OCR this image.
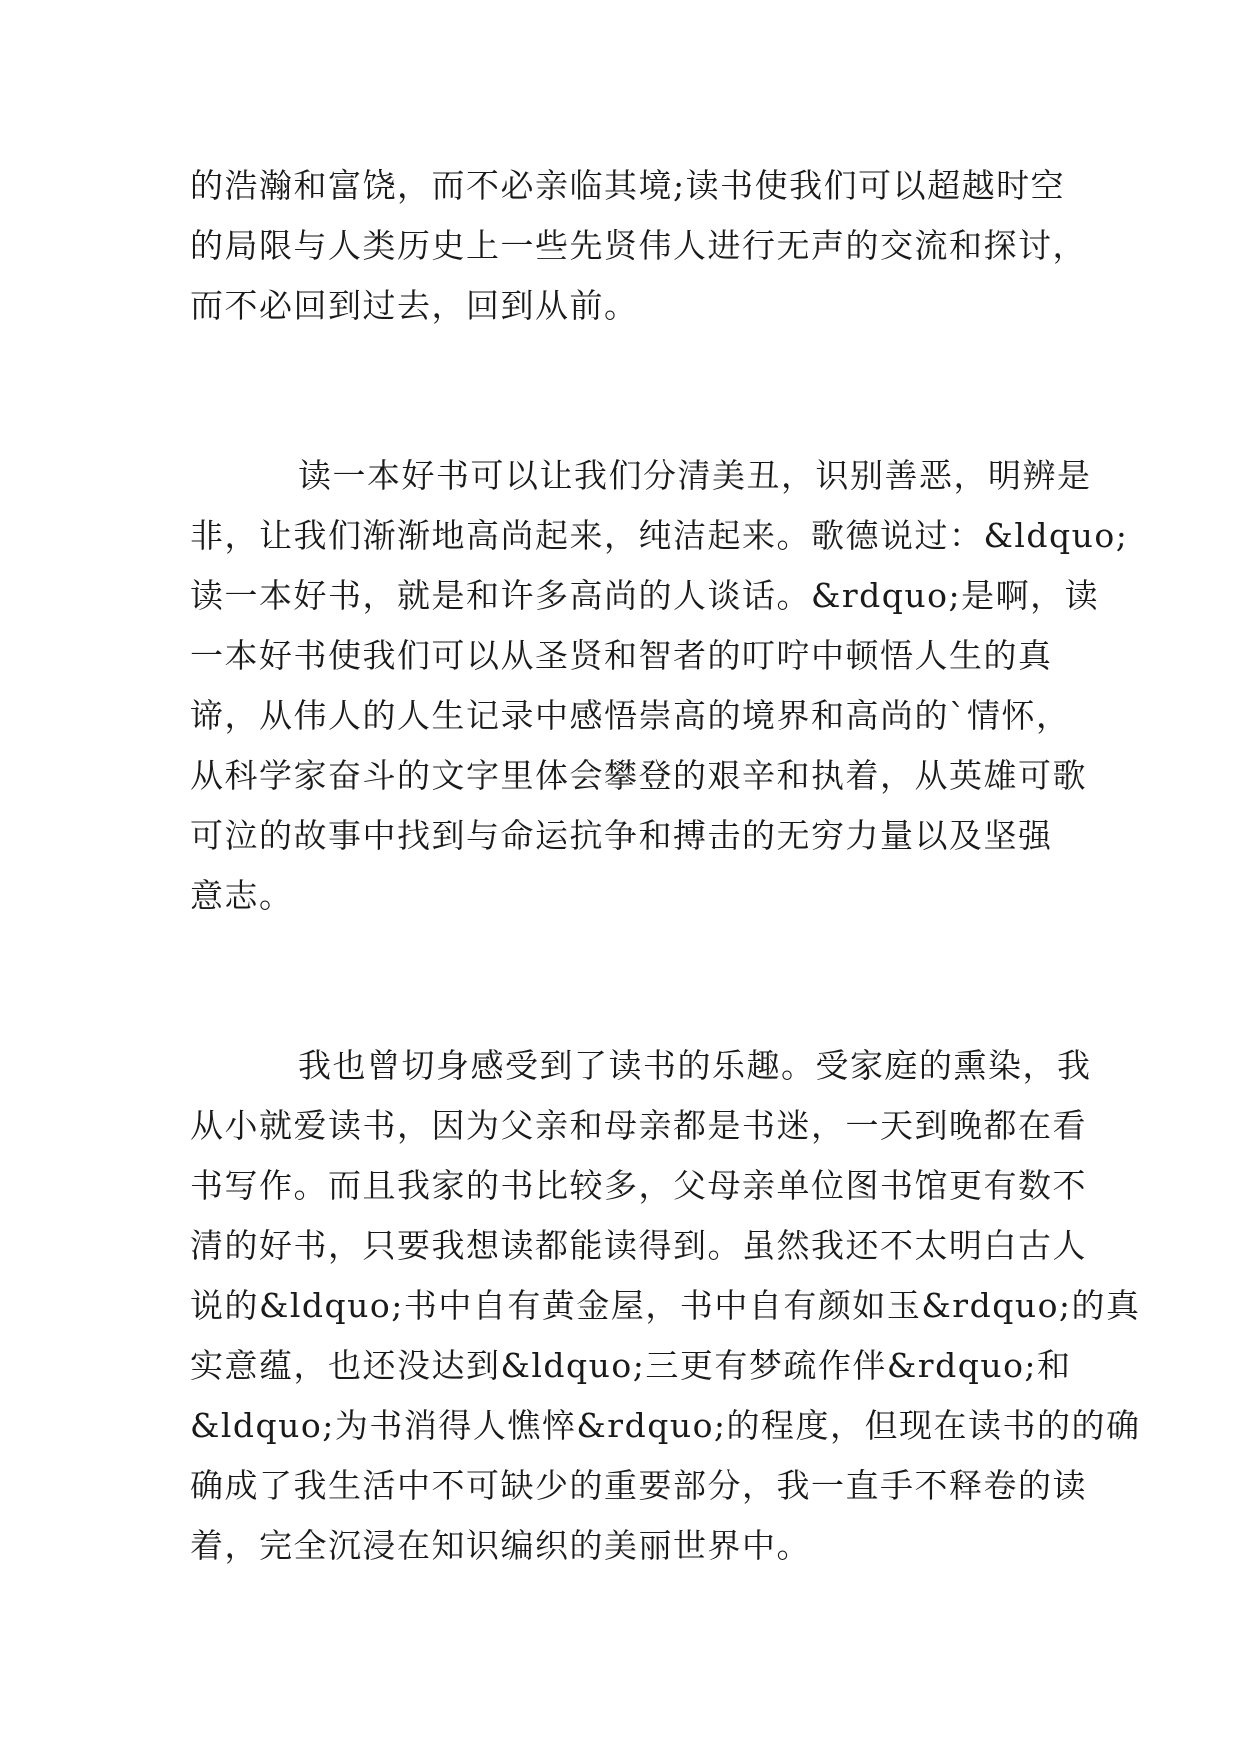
的浩瀚和富饶，而不必亲临其境;读书使我们可以超越时空
的局限与人类历史上一些先贤伟人进行无声的交流和探讨，
而不必回到过去，回到从前。
读一本好书可以让我们分清美丑，识别善恶，明辨是
非，让我们渐渐地高尚起来，纯洁起来。歌德说过：&ldquo;
读一本好书，就是和许多高尚的人谈话。&rdquo;是啊，读
一本好书使我们可以从圣贤和智者的叮咛中顿悟人生的真
谛，从伟人的人生记录中感悟崇高的境界和高尚的`情怀，
从科学家奋斗的文字里体会攀登的艰辛和执着，从英雄可歌
可泣的故事中找到与命运抗争和搏击的无穷力量以及坚强
意志。
我也曾切身感受到了读书的乐趣。受家庭的熏染，我
从小就爱读书，因为父亲和母亲都是书迷，一天到晚都在看
书写作。而且我家的书比较多，父母亲单位图书馆更有数不
清的好书，只要我想读都能读得到。虽然我还不太明白古人
说的&ldquo;书中自有黄金屋，书中自有颜如玉&rdquo;的真
实意蕴，也还没达到&ldquo;三更有梦疏作伴&rdquo;和
&ldquo;为书消得人憔悴&rdquo;的程度，但现在读书的的确
确成了我生活中不可缺少的重要部分，我一直手不释卷的读
着，完全沉浸在知识编织的美丽世界中。
